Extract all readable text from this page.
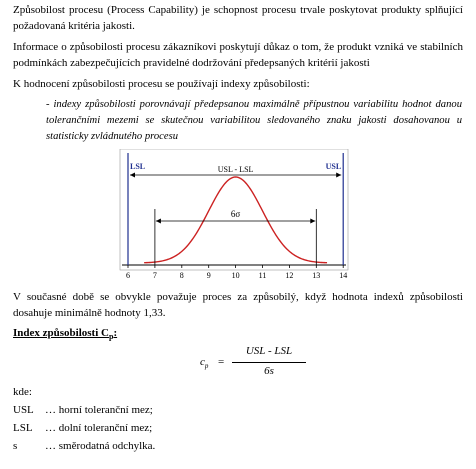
Způsobilost procesu (Process Capability) je schopnost procesu trvale poskytovat produkty splňující požadovaná kritéria jakosti.

Informace o způsobilosti procesu zákazníkovi poskytují důkaz o tom, že produkt vzniká ve stabilních podmínkách zabezpečujících pravidelné dodržování předepsaných kritérií jakosti

K hodnocení způsobilosti procesu se používají indexy způsobilosti:

- indexy způsobilosti porovnávají předepsanou maximálně přípustnou variabilitu hodnot danou tolerančními mezemi se skutečnou variabilitou sledovaného znaku jakosti dosahovanou u statisticky zvládnutého procesu
6	7	8	9	10 11 12 13 14
LSL	USL
USL - LSL
6σ

V současné době se obvykle považuje proces za způsobilý, když hodnota indexů způsobilosti dosahuje minimálně hodnoty 1,33.

Index způsobilosti $C_p$:
$c_p$ =
USL - LSL
6s
kde:
USL … horní toleranční mez;
LSL … dolní toleranční mez;
s	… směrodatná odchylka.
